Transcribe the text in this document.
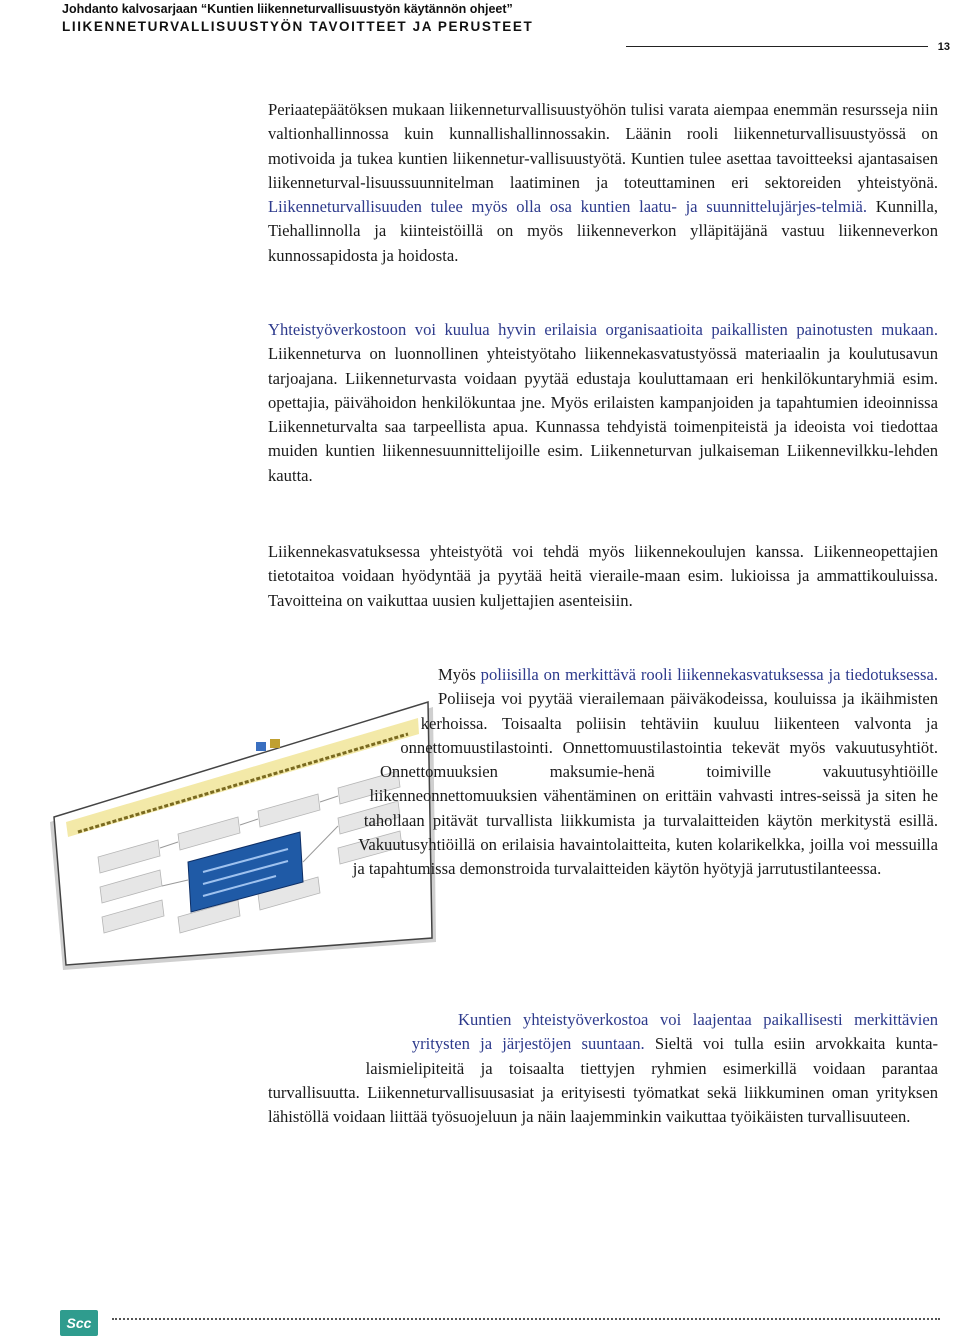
Johdanto kalvosarjaan “Kuntien liikenneturvallisuustyön käytännön ohjeet”
LIIKENNETURVALLISUUSTYÖN TAVOITTEET JA PERUSTEET
13

Periaatepäätöksen mukaan liikenneturvallisuustyöhön tulisi varata aiempaa enemmän resursseja niin valtionhallinnossa kuin kunnallishallinnossakin. Läänin rooli liikenneturvallisuustyössä on motivoida ja tukea kuntien liikennetur-vallisuustyötä. Kuntien tulee asettaa tavoitteeksi ajantasaisen liikenneturval-lisuussuunnitelman laatiminen ja toteuttaminen eri sektoreiden yhteistyönä. Liikenneturvallisuuden tulee myös olla osa kuntien laatu- ja suunnittelujärjes-telmiä. Kunnilla, Tiehallinnolla ja kiinteistöillä on myös liikenneverkon ylläpitäjänä vastuu liikenneverkon kunnossapidosta ja hoidosta.

Yhteistyöverkostoon voi kuulua hyvin erilaisia organisaatioita paikallisten painotusten mukaan. Liikenneturva on luonnollinen yhteistyötaho liikennekasvatustyössä materiaalin ja koulutusavun tarjoajana. Liikenneturvasta voidaan pyytää edustaja kouluttamaan eri henkilökuntaryhmiä esim. opettajia, päivähoidon henkilökuntaa jne. Myös erilaisten kampanjoiden ja tapahtumien ideoinnissa Liikenneturvalta saa tarpeellista apua. Kunnassa tehdyistä toimenpiteistä ja ideoista voi tiedottaa muiden kuntien liikennesuunnittelijoille esim. Liikenneturvan julkaiseman Liikennevilkku-lehden kautta.

Liikennekasvatuksessa yhteistyötä voi tehdä myös liikennekoulujen kanssa. Liikenneopettajien tietotaitoa voidaan hyödyntää ja pyytää heitä vieraile-maan esim. lukioissa ja ammattikouluissa. Tavoitteina on vaikuttaa uusien kuljettajien asenteisiin.

Myös poliisilla on merkittävä rooli liikennekasvatuksessa ja tiedotuksessa. Poliiseja voi pyytää vierailemaan päiväkodeissa, kouluissa ja ikäihmisten kerhoissa. Toisaalta poliisin tehtäviin kuuluu liikenteen valvonta ja onnettomuustilastointi. Onnettomuustilastointia tekevät myös vakuutusyhtiöt. Onnettomuuksien maksumie-henä toimiville vakuutusyhtiöille liikenneonnettomuuksien vähentäminen on erittäin vahvasti intres-seissä ja siten he tahollaan pitävät turvallista liikkumista ja turvalaitteiden käytön merkitystä esillä. Vakuutusyhtiöillä on erilaisia havaintolaitteita, kuten kolarikelkka, joilla voi messuilla ja tapahtumissa demonstroida turvalaitteiden käytön hyötyjä jarrutustilanteessa.

Kuntien yhteistyöverkostoa voi laajentaa paikallisesti merkittävien yritysten ja järjestöjen suuntaan. Sieltä voi tulla esiin arvokkaita kunta-laismielipiteitä ja toisaalta tiettyjen ryhmien esimerkillä voidaan parantaa turvallisuutta. Liikenneturvallisuusasiat ja erityisesti työmatkat sekä liikkuminen oman yrityksen lähistöllä voidaan liittää työsuojeluun ja näin laajemminkin vaikuttaa työikäisten turvallisuuteen.

Scc
